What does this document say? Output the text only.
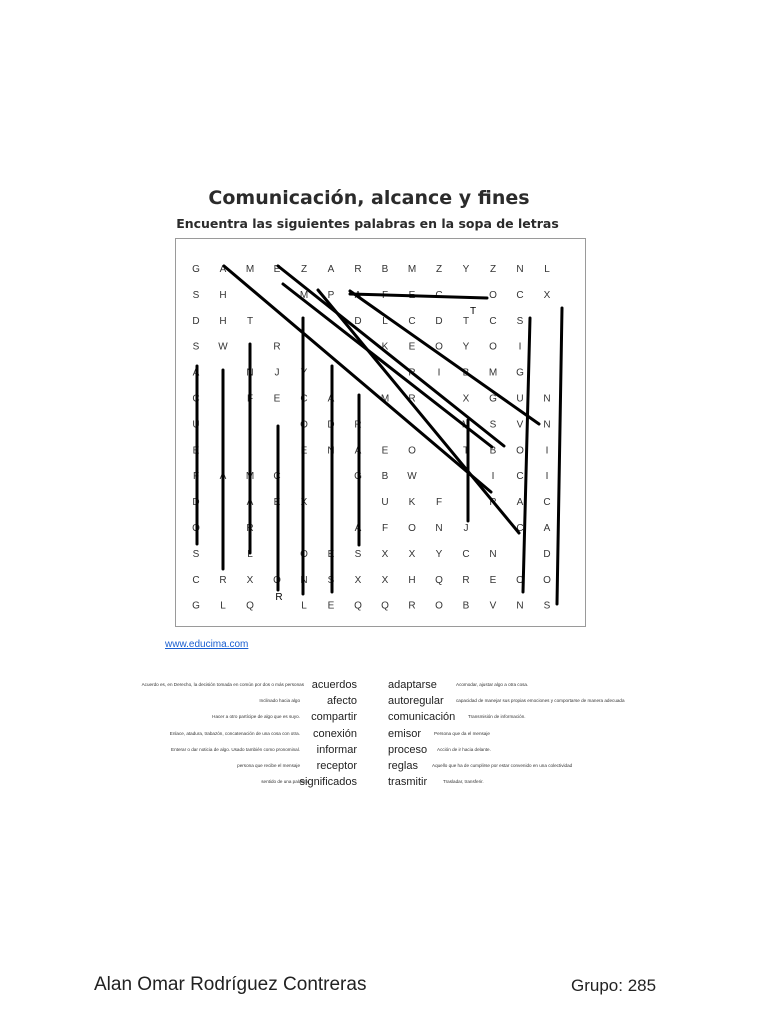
Comunicación, alcance y fines
Encuentra las siguientes palabras en la sopa de letras
G A M E Z A R B M Z Y Z N L
S H	M P A F E C	O C X
D H T	I	D L C D T C S
S W	R	K E O Y O I
A	N J Y	R I B M G
C	F E C A	M R	X G U N
U	O D R	M S V N
E	E N A E O	T B O I
F A M C	G B W	I C I
D	A E X	U K F	R A C
O	R	A F O N J	C A
S	L	O E S X X Y C N	D
C R X O N S X X H Q R E O O
G L Q	L E Q Q R O B V N S
T
R
www.educima.com
acuerdos
Acuerdo es, en Derecho, la decisión tomada en común por dos o más personas
afecto
Inclinado hacia algo
compartir
Hacer a otro partícipe de algo que es suyo.
conexión
Enlace, atadura, trabazón, concatenación de una cosa con otra.
informar
Enterar o dar noticia de algo. Usado también como pronominal.
receptor
persona que recibe el mensaje
significados
sentido de una palabra
adaptarse	Acomodar, ajustar algo a otra cosa.
autoregular	capacidad de manejar sus propias emociones y comportarse de manera adecuada
comunicación	Transmisión de información.
emisor	Persona que da el mensaje
proceso Acción de ir hacia delante.
reglas	Aquello que ha de cumplirse por estar convenido en una colectividad
trasmitir	Trasladar, transferir.
Alan Omar Rodríguez Contreras	Grupo: 285
